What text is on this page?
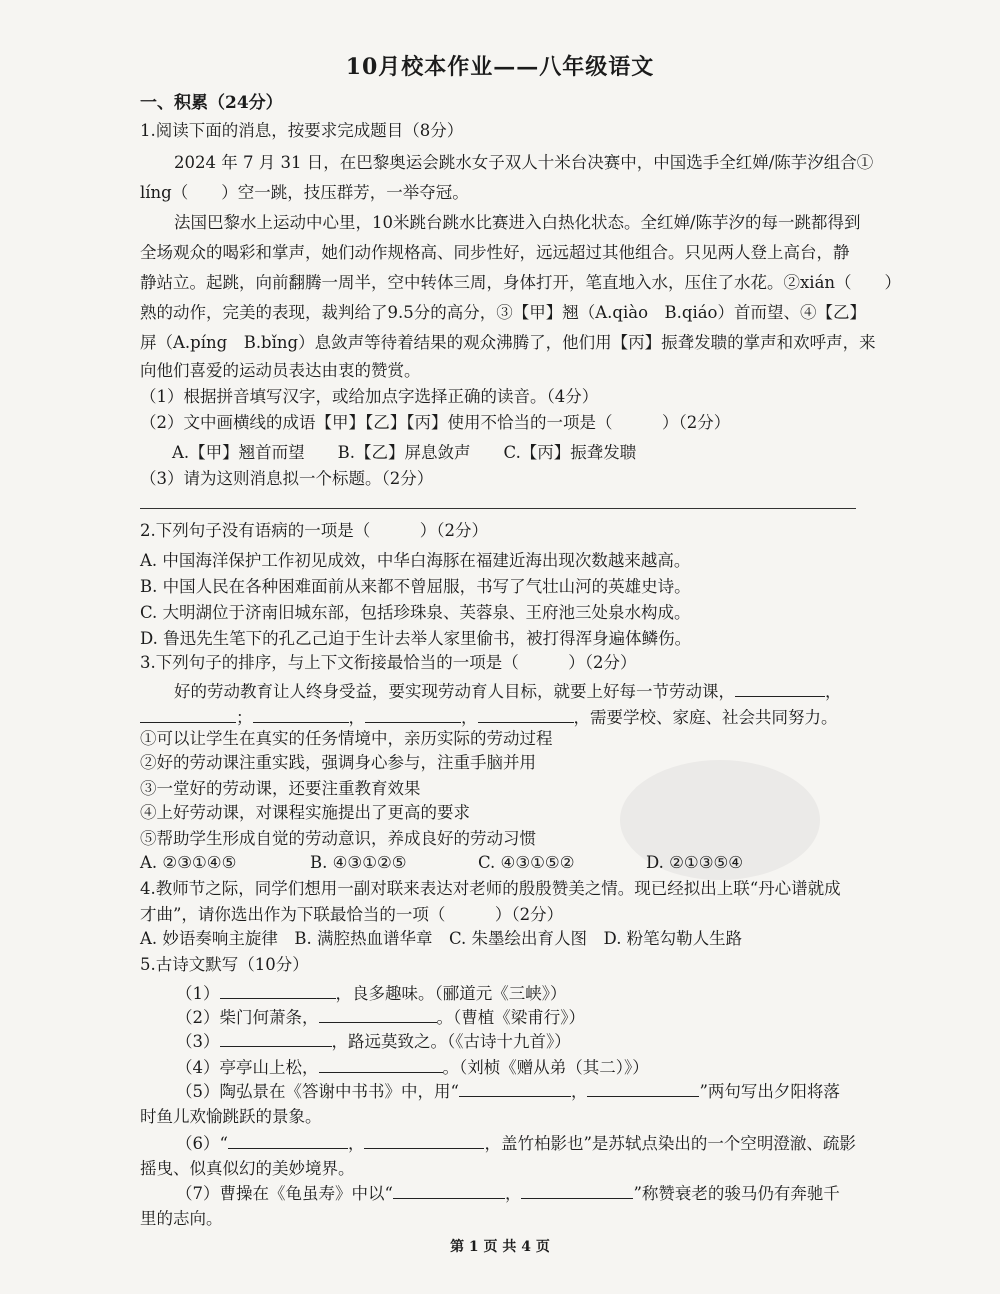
10月校本作业——八年级语文
一、积累（24分）
1.阅读下面的消息，按要求完成题目（8分）
2024 年 7 月 31 日，在巴黎奥运会跳水女子双人十米台决赛中，中国选手全红婵/陈芋汐组合①
líng（　　）空一跳，技压群芳，一举夺冠。
法国巴黎水上运动中心里，10米跳台跳水比赛进入白热化状态。全红婵/陈芋汐的每一跳都得到
全场观众的喝彩和掌声，她们动作规格高、同步性好，远远超过其他组合。只见两人登上高台，静
静站立。起跳，向前翻腾一周半，空中转体三周，身体打开，笔直地入水，压住了水花。②xián（　　）
熟的动作，完美的表现，裁判给了9.5分的高分，③【甲】翘（A.qiào　B.qiáo）首而望、④【乙】
屏（A.píng　B.bǐng）息敛声等待着结果的观众沸腾了，他们用【丙】振聋发聩的掌声和欢呼声，来
向他们喜爱的运动员表达由衷的赞赏。
（1）根据拼音填写汉字，或给加点字选择正确的读音。（4分）
（2）文中画横线的成语【甲】【乙】【丙】使用不恰当的一项是（　　　）（2分）
A.【甲】翘首而望　　B.【乙】屏息敛声　　C.【丙】振聋发聩
（3）请为这则消息拟一个标题。（2分）
2.下列句子没有语病的一项是（　　　）（2分）
A. 中国海洋保护工作初见成效，中华白海豚在福建近海出现次数越来越高。
B. 中国人民在各种困难面前从来都不曾屈服，书写了气壮山河的英雄史诗。
C. 大明湖位于济南旧城东部，包括珍珠泉、芙蓉泉、王府池三处泉水构成。
D. 鲁迅先生笔下的孔乙己迫于生计去举人家里偷书，被打得浑身遍体鳞伤。
3.下列句子的排序，与上下文衔接最恰当的一项是（　　　）（2分）
好的劳动教育让人终身受益，要实现劳动育人目标，就要上好每一节劳动课，	，
；	，	，	，需要学校、家庭、社会共同努力。
①可以让学生在真实的任务情境中，亲历实际的劳动过程
②好的劳动课注重实践，强调身心参与，注重手脑并用
③一堂好的劳动课，还要注重教育效果
④上好劳动课，对课程实施提出了更高的要求
⑤帮助学生形成自觉的劳动意识，养成良好的劳动习惯
A. ②③①④⑤	B. ④③①②⑤	C. ④③①⑤②	D. ②①③⑤④
4.教师节之际，同学们想用一副对联来表达对老师的殷殷赞美之情。现已经拟出上联“丹心谱就成
才曲”，请你选出作为下联最恰当的一项（　　　）（2分）
A. 妙语奏响主旋律　B. 满腔热血谱华章　C. 朱墨绘出育人图　D. 粉笔勾勒人生路
5.古诗文默写（10分）
（1）	，良多趣味。（郦道元《三峡》）
（2）柴门何萧条，	。（曹植《梁甫行》）
（3）	，路远莫致之。（《古诗十九首》）
（4）亭亭山上松，	。（刘桢《赠从弟（其二）》）
（5）陶弘景在《答谢中书书》中，用“	，	”两句写出夕阳将落
时鱼儿欢愉跳跃的景象。
（6）“	，	，盖竹柏影也”是苏轼点染出的一个空明澄澈、疏影
摇曳、似真似幻的美妙境界。
（7）曹操在《龟虽寿》中以“	，	”称赞衰老的骏马仍有奔驰千
里的志向。
第 1 页 共 4 页
